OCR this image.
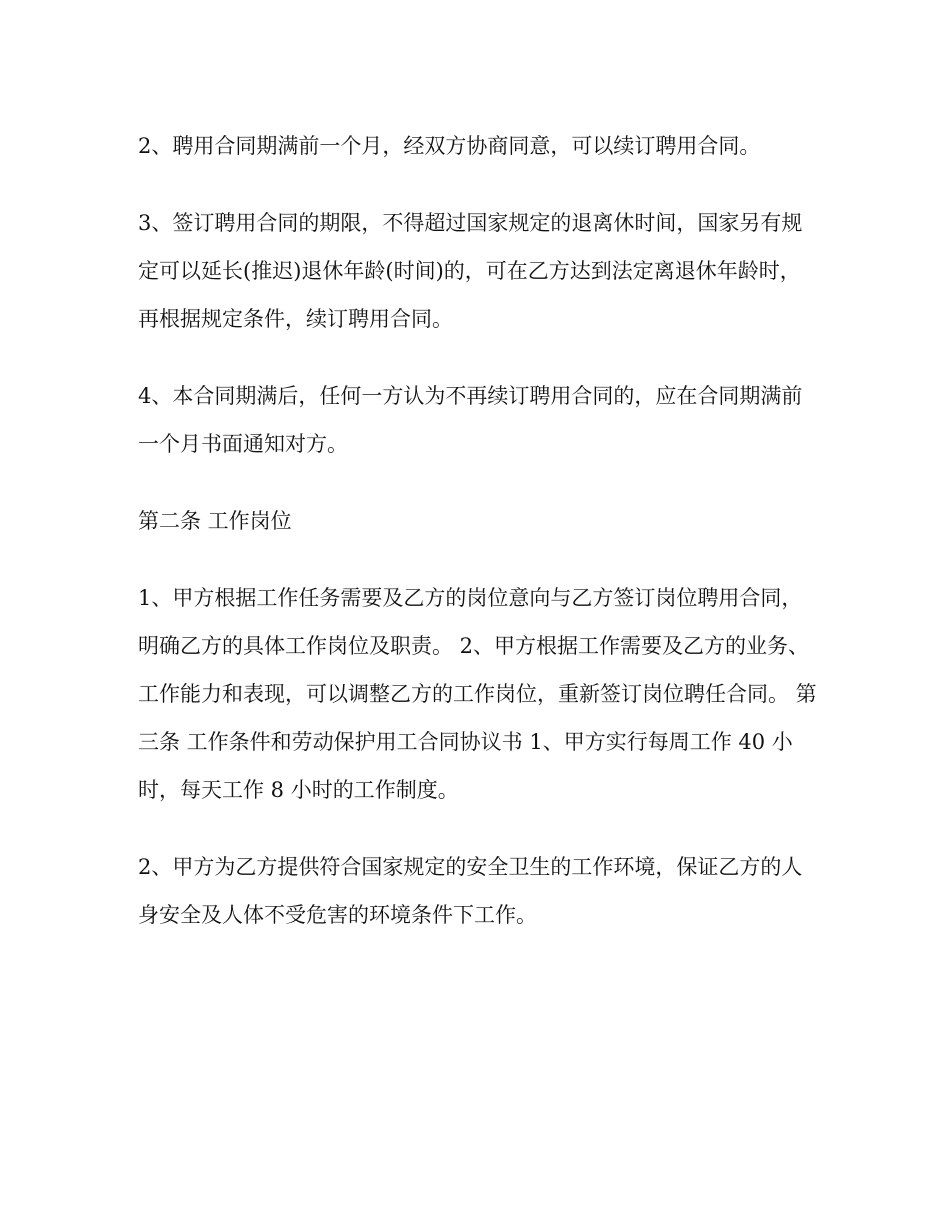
2、聘用合同期满前一个月，经双方协商同意，可以续订聘用合同。

3、签订聘用合同的期限，不得超过国家规定的退离休时间，国家另有规定可以延长(推迟)退休年龄(时间)的，可在乙方达到法定离退休年龄时，再根据规定条件，续订聘用合同。

4、本合同期满后，任何一方认为不再续订聘用合同的，应在合同期满前一个月书面通知对方。

第二条 工作岗位

1、甲方根据工作任务需要及乙方的岗位意向与乙方签订岗位聘用合同，明确乙方的具体工作岗位及职责。 2、甲方根据工作需要及乙方的业务、工作能力和表现，可以调整乙方的工作岗位，重新签订岗位聘任合同。 第三条 工作条件和劳动保护用工合同协议书 1、甲方实行每周工作 40 小时，每天工作 8 小时的工作制度。

2、甲方为乙方提供符合国家规定的安全卫生的工作环境，保证乙方的人身安全及人体不受危害的环境条件下工作。
